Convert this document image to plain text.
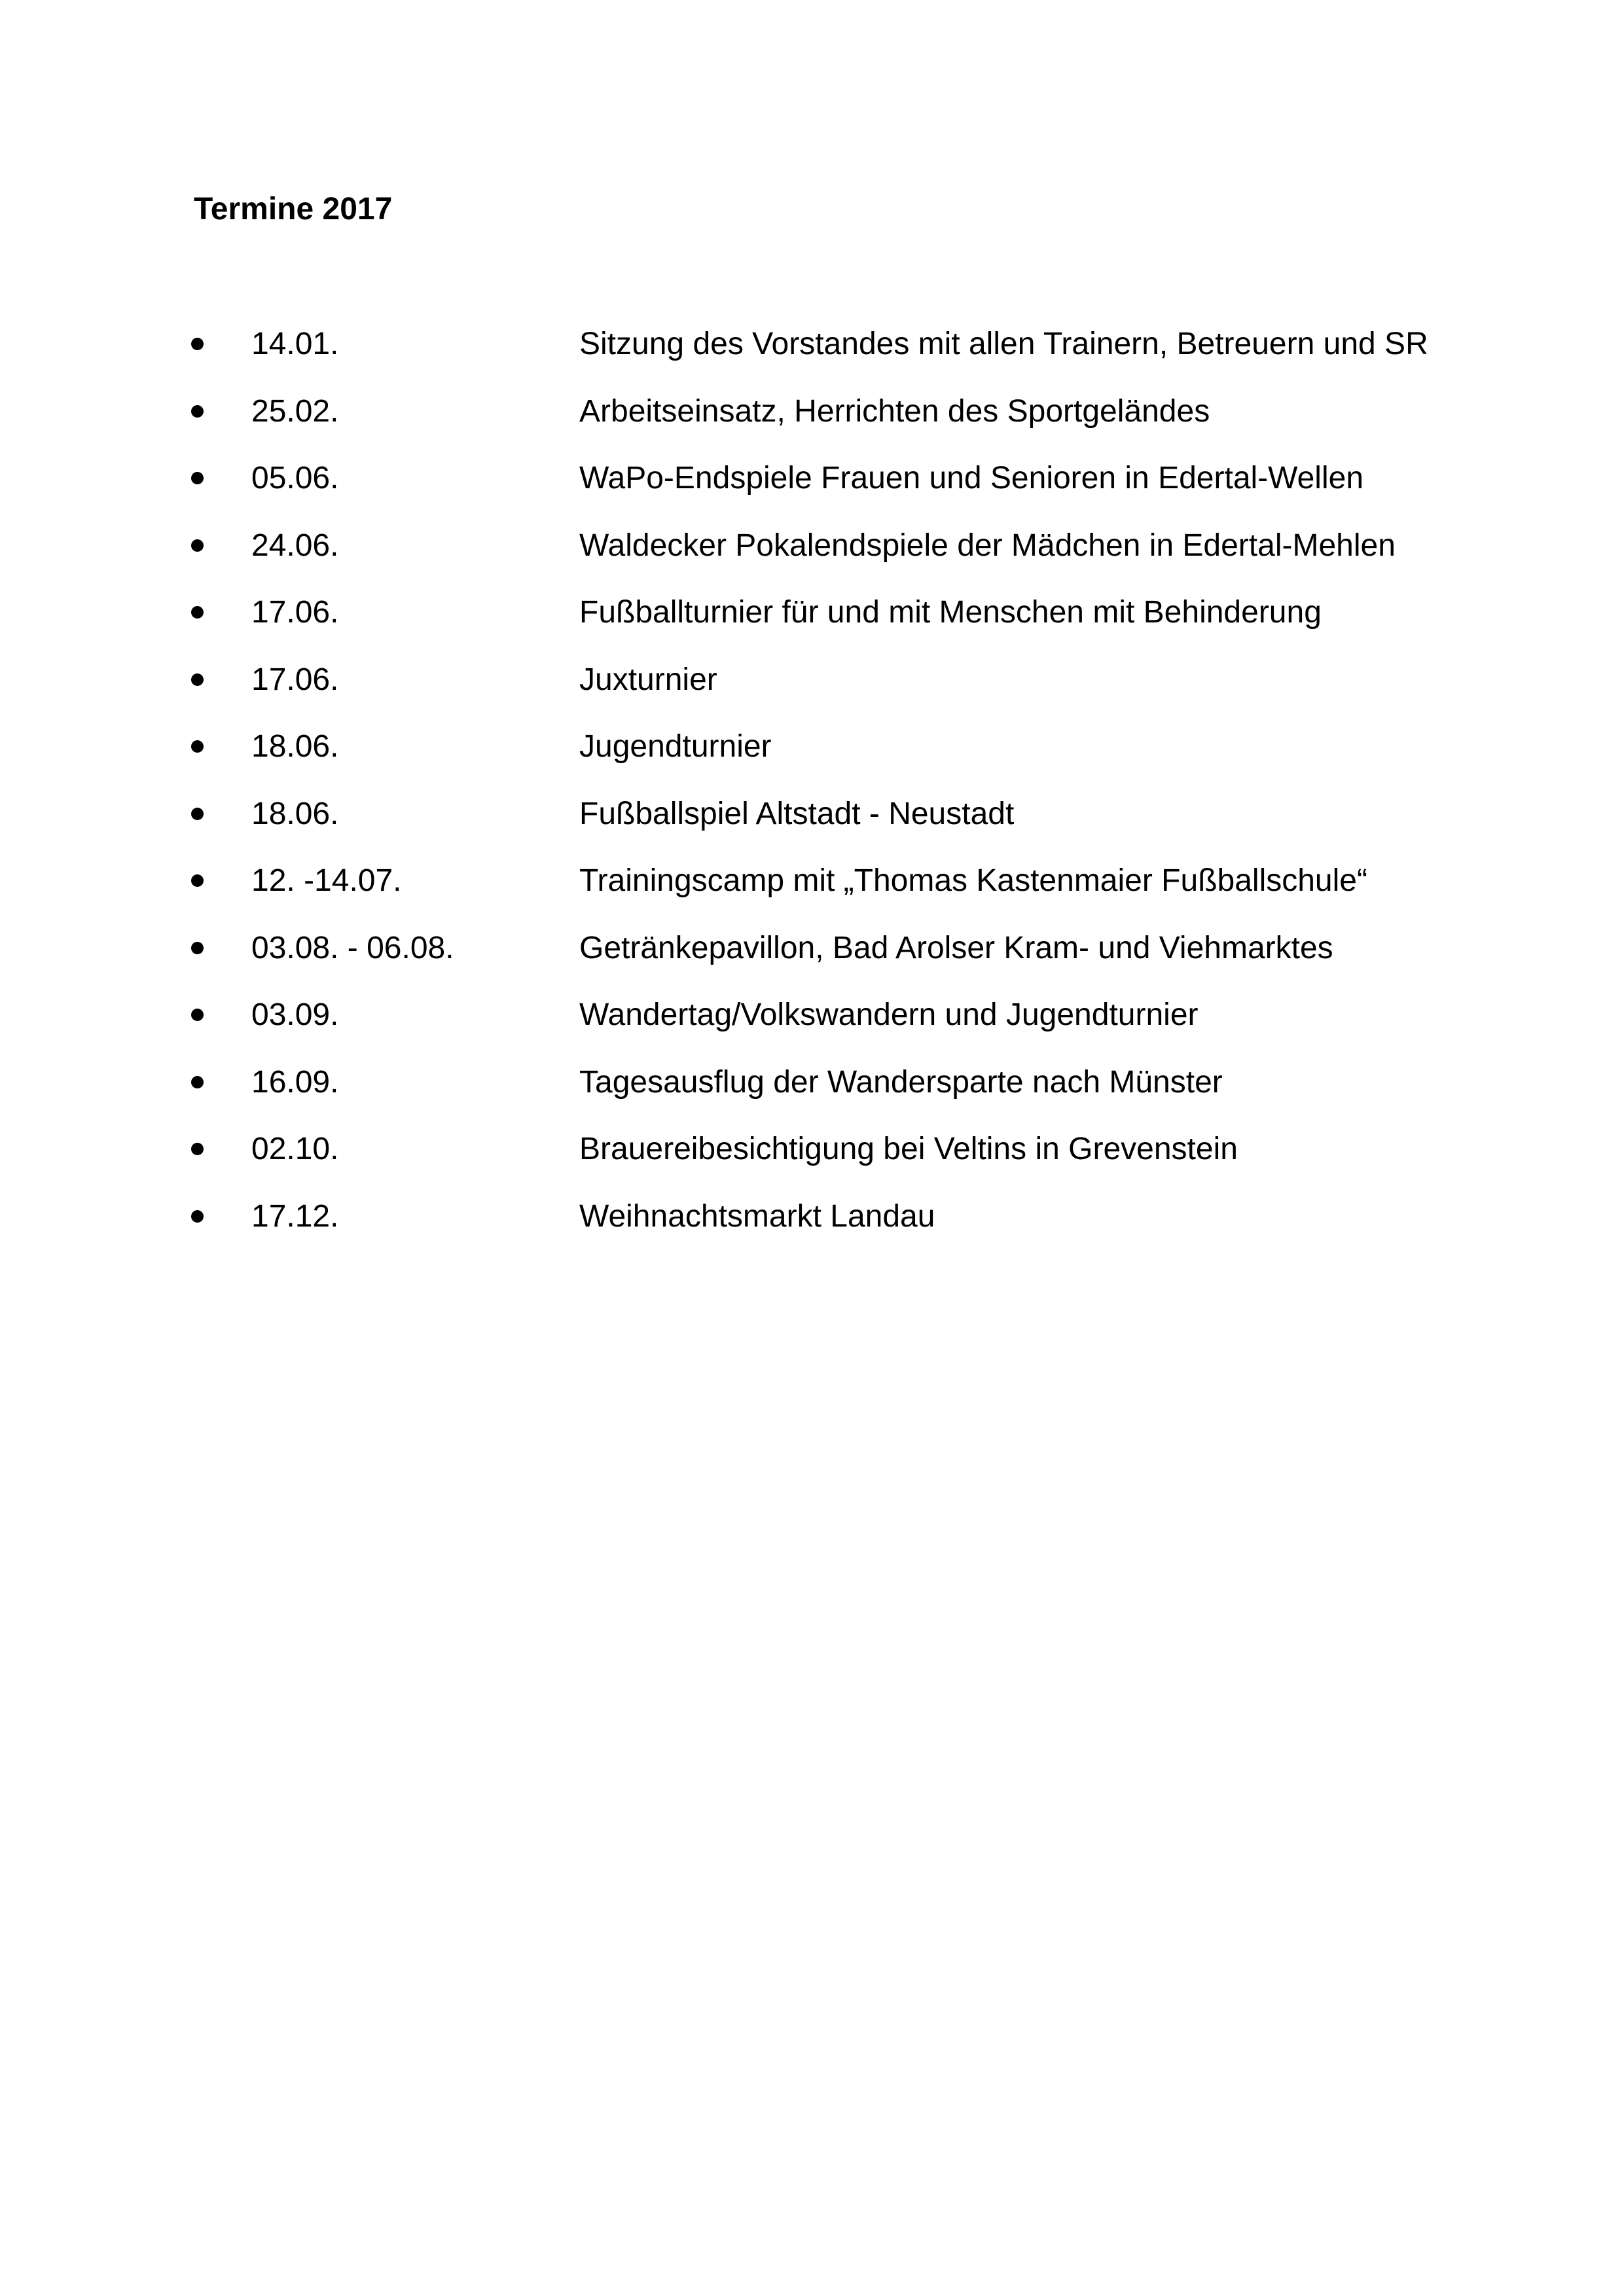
Termine 2017
14.01.	Sitzung des Vorstandes mit allen Trainern, Betreuern und SR
25.02.	Arbeitseinsatz, Herrichten des Sportgeländes
05.06.	WaPo-Endspiele Frauen und Senioren in Edertal-Wellen
24.06.	Waldecker Pokalendspiele der Mädchen in Edertal-Mehlen
17.06.	Fußballturnier für und mit Menschen mit Behinderung
17.06.	Juxturnier
18.06.	Jugendturnier
18.06.	Fußballspiel Altstadt - Neustadt
12. -14.07.	Trainingscamp mit „Thomas Kastenmaier Fußballschule“
03.08. - 06.08.	Getränkepavillon, Bad Arolser Kram- und Viehmarktes
03.09.	Wandertag/Volkswandern und Jugendturnier
16.09.	Tagesausflug der Wandersparte nach Münster
02.10.	Brauereibesichtigung bei Veltins in Grevenstein
17.12.	Weihnachtsmarkt Landau
